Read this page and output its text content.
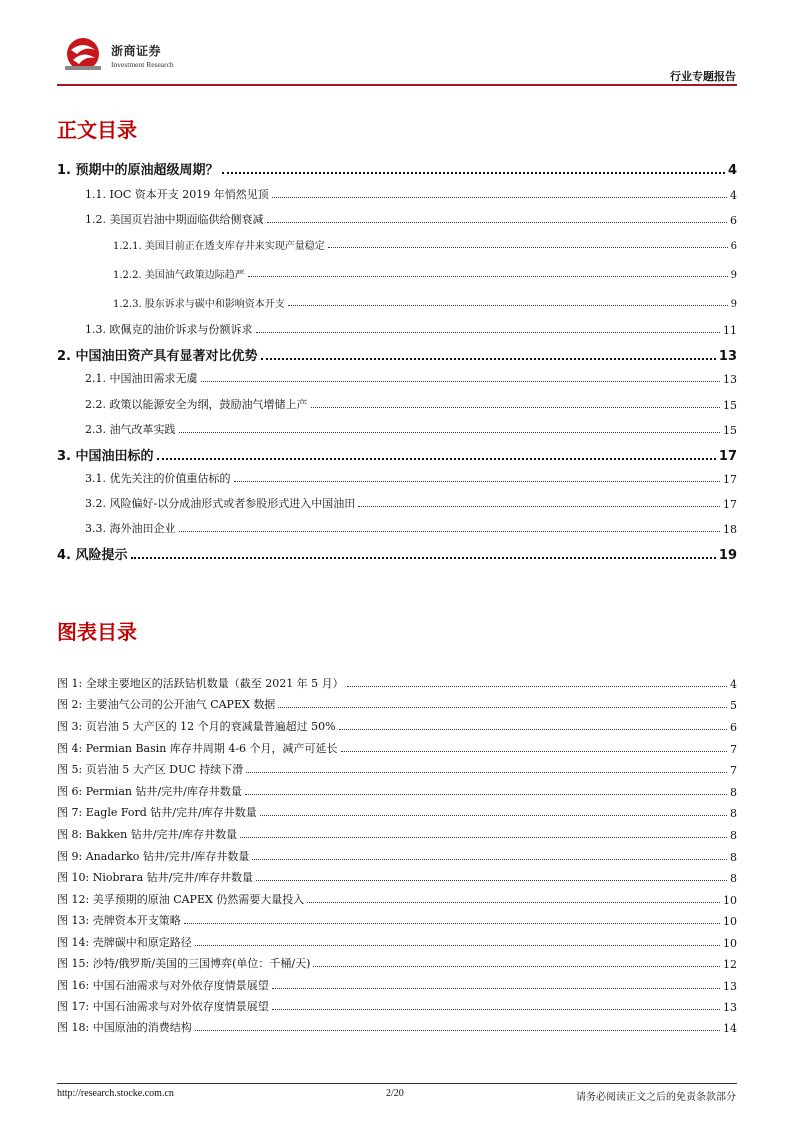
浙商证券
Investment Research
行业专题报告
正文目录
1. 预期中的原油超级周期？	4
1.1. IOC 资本开支 2019 年悄然见顶	4
1.2. 美国页岩油中期面临供给侧衰减	6
1.2.1. 美国目前正在透支库存井来实现产量稳定	6
1.2.2. 美国油气政策边际趋严	9
1.2.3. 股东诉求与碳中和影响资本开支	9
1.3. 欧佩克的油价诉求与份额诉求	11
2. 中国油田资产具有显著对比优势	13
2.1. 中国油田需求无虞	13
2.2. 政策以能源安全为纲，鼓励油气增储上产	15
2.3. 油气改革实践	15
3. 中国油田标的	17
3.1. 优先关注的价值重估标的	17
3.2. 风险偏好-以分成油形式或者参股形式进入中国油田	17
3.3. 海外油田企业	18
4. 风险提示	19
图表目录
图 1: 全球主要地区的活跃钻机数量（截至 2021 年 5 月）	4
图 2: 主要油气公司的公开油气 CAPEX 数据	5
图 3: 页岩油 5 大产区的 12 个月的衰减量普遍超过 50%	6
图 4: Permian Basin 库存井周期 4-6 个月，减产可延长	7
图 5: 页岩油 5 大产区 DUC 持续下滑	7
图 6: Permian 钻井/完井/库存井数量	8
图 7: Eagle Ford 钻井/完井/库存井数量	8
图 8: Bakken 钻井/完井/库存井数量	8
图 9: Anadarko 钻井/完井/库存井数量	8
图 10: Niobrara 钻井/完井/库存井数量	8
图 12: 美孚预期的原油 CAPEX 仍然需要大量投入	10
图 13: 壳牌资本开支策略	10
图 14: 壳牌碳中和原定路径	10
图 15: 沙特/俄罗斯/美国的三国博弈(单位：千桶/天)	12
图 16: 中国石油需求与对外依存度情景展望	13
图 17: 中国石油需求与对外依存度情景展望	13
图 18: 中国原油的消费结构	14
http://research.stocke.com.cn	2/20	请务必阅读正文之后的免责条款部分
